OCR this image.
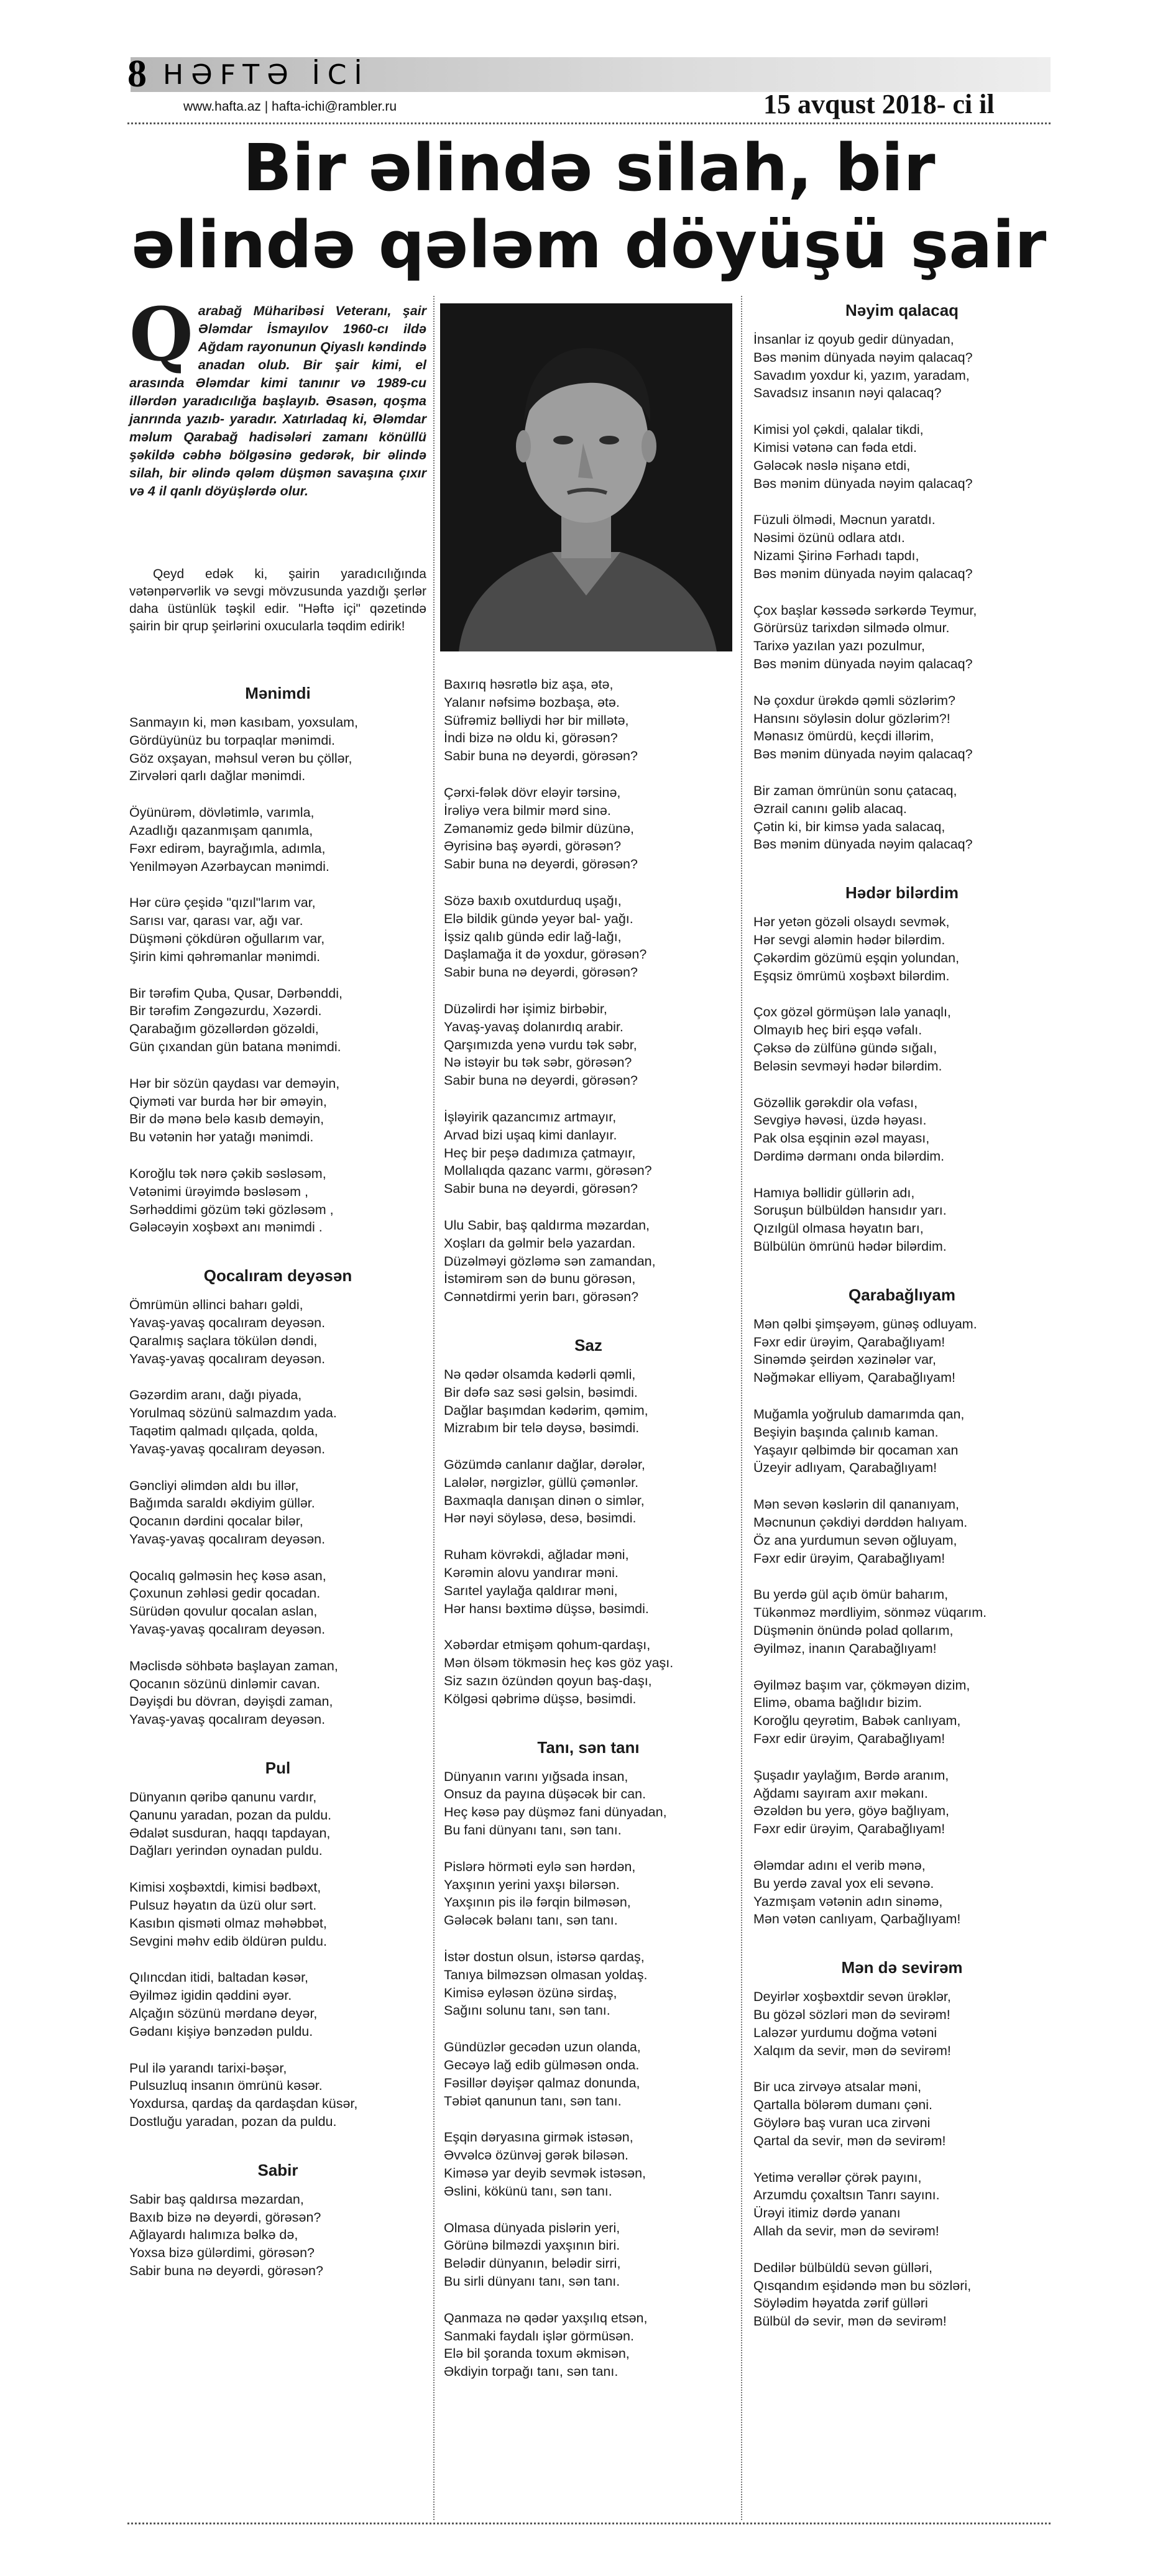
8 HƏFTƏ İCİ
www.hafta.az | hafta-ichi@rambler.ru	15 avqust 2018- ci il
Bir əlində silah, bir
əlində qələm döyüşü şair
Qarabağ Müharibəsi Veteranı, şair Ələmdar İsmayılov 1960-cı ildə Ağdam rayonunun Qiyaslı kəndində anadan olub. Bir şair kimi, el arasında Ələmdar kimi tanınır və 1989-cu illərdən yaradıcılığa başlayıb. Əsasən, qoşma janrında yazıb- yaradır. Xatırladaq ki, Ələmdar məlum Qarabağ hadisələri zamanı könüllü şəkildə cəbhə bölgəsinə gedərək, bir əlində silah, bir əlində qələm düşmən savaşına çıxır və 4 il qanlı döyüşlərdə olur.
Qeyd edək ki, şairin yaradıcılığında vətənpərvərlik və sevgi mövzusunda yazdığı şerlər daha üstünlük təşkil edir. "Həftə içi" qəzetində şairin bir qrup şeirlərini oxucularla təqdim edirik!
Mənimdi
Sanmayın ki, mən kasıbam, yoxsulam,
Gördüyünüz bu torpaqlar mənimdi.
Göz oxşayan, məhsul verən bu çöllər,
Zirvələri qarlı dağlar mənimdi.
Öyünürəm, dövlətimlə, varımla,
Azadlığı qazanmışam qanımla,
Fəxr edirəm, bayrağımla, adımla,
Yenilməyən Azərbaycan mənimdi.
Hər cürə çeşidə "qızıl"larım var,
Sarısı var, qarası var, ağı var.
Düşməni çökdürən oğullarım var,
Şirin kimi qəhrəmanlar mənimdi.
Bir tərəfim Quba, Qusar, Dərbənddi,
Bir tərəfim Zəngəzurdu, Xəzərdi.
Qarabağım gözəllərdən gözəldi,
Gün çıxandan gün batana mənimdi.
Hər bir sözün qaydası var deməyin,
Qiyməti var burda hər bir əməyin,
Bir də mənə belə kasıb deməyin,
Bu vətənin hər yatağı mənimdi.
Koroğlu tək nərə çəkib səsləsəm,
Vətənimi ürəyimdə bəsləsəm ,
Sərhəddimi gözüm təki gözləsəm ,
Gələcəyin xoşbəxt anı mənimdi .
Qocalıram deyəsən
Ömrümün əllinci baharı gəldi,
Yavaş-yavaş qocalıram deyəsən.
Qaralmış saçlara tökülən dəndi,
Yavaş-yavaş qocalıram deyəsən.
Gəzərdim aranı, dağı piyada,
Yorulmaq sözünü salmazdım yada.
Taqətim qalmadı qılçada, qolda,
Yavaş-yavaş qocalıram deyəsən.
Gəncliyi əlimdən aldı bu illər,
Bağımda saraldı əkdiyim güllər.
Qocanın dərdini qocalar bilər,
Yavaş-yavaş qocalıram deyəsən.
Qocalıq gəlməsin heç kəsə asan,
Çoxunun zəhləsi gedir qocadan.
Sürüdən qovulur qocalan aslan,
Yavaş-yavaş qocalıram deyəsən.
Məclisdə söhbətə başlayan zaman,
Qocanın sözünü dinləmir cavan.
Dəyişdi bu dövran, dəyişdi zaman,
Yavaş-yavaş qocalıram deyəsən.
Pul
Dünyanın qəribə qanunu vardır,
Qanunu yaradan, pozan da puldu.
Ədalət susduran, haqqı tapdayan,
Dağları yerindən oynadan puldu.
Kimisi xoşbəxtdi, kimisi bədbəxt,
Pulsuz həyatın da üzü olur sərt.
Kasıbın qisməti olmaz məhəbbət,
Sevgini məhv edib öldürən puldu.
Qılıncdan itidi, baltadan kəsər,
Əyilməz igidin qəddini əyər.
Alçağın sözünü mərdanə deyər,
Gədanı kişiyə bənzədən puldu.
Pul ilə yarandı tarixi-bəşər,
Pulsuzluq insanın ömrünü kəsər.
Yoxdursa, qardaş da qardaşdan küsər,
Dostluğu yaradan, pozan da puldu.
Sabir
Sabir baş qaldırsa məzardan,
Baxıb bizə nə deyərdi, görəsən?
Ağlayardı halımıza bəlkə də,
Yoxsa bizə gülərdimi, görəsən?
Sabir buna nə deyərdi, görəsən?
Baxırıq həsrətlə biz aşa, ətə,
Yalanır nəfsimə bozbaşa, ətə.
Süfrəmiz bəlliydi hər bir millətə,
İndi bizə nə oldu ki, görəsən?
Sabir buna nə deyərdi, görəsən?
Çərxi-fələk dövr eləyir tərsinə,
İrəliyə vera bilmir mərd sinə.
Zəmanəmiz gedə bilmir düzünə,
Əyrisinə baş əyərdi, görəsən?
Sabir buna nə deyərdi, görəsən?
Sözə baxıb oxutdurduq uşağı,
Elə bildik gündə yeyər bal- yağı.
İşsiz qalıb gündə edir lağ-lağı,
Daşlamağa it də yoxdur, görəsən?
Sabir buna nə deyərdi, görəsən?
Düzəlirdi hər işimiz birbəbir,
Yavaş-yavaş dolanırdıq arabir.
Qarşımızda yenə vurdu tək səbr,
Nə istəyir bu tək səbr, görəsən?
Sabir buna nə deyərdi, görəsən?
İşləyirik qazancımız artmayır,
Arvad bizi uşaq kimi danlayır.
Heç bir peşə dadımıza çatmayır,
Mollalıqda qazanc varmı, görəsən?
Sabir buna nə deyərdi, görəsən?
Ulu Sabir, baş qaldırma məzardan,
Xoşları da gəlmir belə yazardan.
Düzəlməyi gözləmə sən zamandan,
İstəmirəm sən də bunu görəsən,
Cənnətdirmi yerin barı, görəsən?
Saz
Nə qədər olsamda kədərli qəmli,
Bir dəfə saz səsi gəlsin, bəsimdi.
Dağlar başımdan kədərim, qəmim,
Mizrabım bir telə dəysə, bəsimdi.
Gözümdə canlanır dağlar, dərələr,
Lalələr, nərgizlər, güllü çəmənlər.
Baxmaqla danışan dinən o simlər,
Hər nəyi söyləsə, desə, bəsimdi.
Ruham kövrəkdi, ağladar məni,
Kərəmin alovu yandırar məni.
Sarıtel yaylağa qaldırar məni,
Hər hansı bəxtimə düşsə, bəsimdi.
Xəbərdar etmişəm qohum-qardaşı,
Mən ölsəm tökməsin heç kəs göz yaşı.
Siz sazın özündən qoyun baş-daşı,
Kölgəsi qəbrimə düşsə, bəsimdi.
Tanı, sən tanı
Dünyanın varını yığsada insan,
Onsuz da payına düşəcək bir can.
Heç kəsə pay düşməz fani dünyadan,
Bu fani dünyanı tanı, sən tanı.
Pislərə hörməti eylə sən hərdən,
Yaxşının yerini yaxşı bilərsən.
Yaxşının pis ilə fərqin bilməsən,
Gələcək bəlanı tanı, sən tanı.
İstər dostun olsun, istərsə qardaş,
Tanıya bilməzsən olmasan yoldaş.
Kimisə eyləsən özünə sirdaş,
Sağını solunu tanı, sən tanı.
Gündüzlər gecədən uzun olanda,
Gecəyə lağ edib gülməsən onda.
Fəsillər dəyişər qalmaz donunda,
Təbiət qanunun tanı, sən tanı.
Eşqin dəryasına girmək istəsən,
Əvvəlcə özünvəj gərək biləsən.
Kiməsə yar deyib sevmək istəsən,
Əslini, kökünü tanı, sən tanı.
Olmasa dünyada pislərin yeri,
Görünə bilməzdi yaxşının biri.
Belədir dünyanın, belədir sirri,
Bu sirli dünyanı tanı, sən tanı.
Qanmaza nə qədər yaxşılıq etsən,
Sanmaki faydalı işlər görmüsən.
Elə bil şoranda toxum əkmisən,
Əkdiyin torpağı tanı, sən tanı.
Nəyim qalacaq
İnsanlar iz qoyub gedir dünyadan,
Bəs mənim dünyada nəyim qalacaq?
Savadım yoxdur ki, yazım, yaradam,
Savadsız insanın nəyi qalacaq?
Kimisi yol çəkdi, qalalar tikdi,
Kimisi vətənə can fəda etdi.
Gələcək nəslə nişanə etdi,
Bəs mənim dünyada nəyim qalacaq?
Füzuli ölmədi, Məcnun yaratdı.
Nəsimi özünü odlara atdı.
Nizami Şirinə Fərhadı tapdı,
Bəs mənim dünyada nəyim qalacaq?
Çox başlar kəssədə sərkərdə Teymur,
Görürsüz tarixdən silmədə olmur.
Tarixə yazılan yazı pozulmur,
Bəs mənim dünyada nəyim qalacaq?
Nə çoxdur ürəkdə qəmli sözlərim?
Hansını söyləsin dolur gözlərim?!
Mənasız ömürdü, keçdi illərim,
Bəs mənim dünyada nəyim qalacaq?
Bir zaman ömrünün sonu çatacaq,
Əzrail canını gəlib alacaq.
Çətin ki, bir kimsə yada salacaq,
Bəs mənim dünyada nəyim qalacaq?
Hədər bilərdim
Hər yetən gözəli olsaydı sevmək,
Hər sevgi aləmin hədər bilərdim.
Çəkərdim gözümü eşqin yolundan,
Eşqsiz ömrümü xoşbəxt bilərdim.
Çox gözəl görmüşən lalə yanaqlı,
Olmayıb heç biri eşqə vəfalı.
Çəksə də zülfünə gündə sığalı,
Beləsin sevməyi hədər bilərdim.
Gözəllik gərəkdir ola vəfası,
Sevgiyə həvəsi, üzdə həyası.
Pak olsa eşqinin əzəl mayası,
Dərdimə dərmanı onda bilərdim.
Hamıya bəllidir güllərin adı,
Soruşun bülbüldən hansıdır yarı.
Qızılgül olmasa həyatın barı,
Bülbülün ömrünü hədər bilərdim.
Qarabağlıyam
Mən qəlbi şimşəyəm, günəş odluyam.
Fəxr edir ürəyim, Qarabağlıyam!
Sinəmdə şeirdən xəzinələr var,
Nəğməkar elliyəm, Qarabağlıyam!
Muğamla yoğrulub damarımda qan,
Beşiyin başında çalınıb kaman.
Yaşayır qəlbimdə bir qocaman xan
Üzeyir adlıyam, Qarabağlıyam!
Mən sevən kəslərin dil qananıyam,
Məcnunun çəkdiyi dərddən halıyam.
Öz ana yurdumun sevən oğluyam,
Fəxr edir ürəyim, Qarabağlıyam!
Bu yerdə gül açıb ömür baharım,
Tükənməz mərdliyim, sönməz vüqarım.
Düşmənin önündə polad qollarım,
Əyilməz, inanın Qarabağlıyam!
Əyilməz başım var, çökməyən dizim,
Elimə, obama bağlıdır bizim.
Koroğlu qeyrətim, Babək canlıyam,
Fəxr edir ürəyim, Qarabağlıyam!
Şuşadır yaylağım, Bərdə aranım,
Ağdamı sayıram axır məkanı.
Əzəldən bu yerə, göyə bağlıyam,
Fəxr edir ürəyim, Qarabağlıyam!
Ələmdar adını el verib mənə,
Bu yerdə zaval yox eli sevənə.
Yazmışam vətənin adın sinəmə,
Mən vətən canlıyam, Qarbağlıyam!
Mən də sevirəm
Deyirlər xoşbəxtdir sevən ürəklər,
Bu gözəl sözləri mən də sevirəm!
Laləzər yurdumu doğma vətəni
Xalqım da sevir, mən də sevirəm!
Bir uca zirvəyə atsalar məni,
Qartalla bölərəm dumanı çəni.
Göylərə baş vuran uca zirvəni
Qartal da sevir, mən də sevirəm!
Yetimə verəllər çörək payını,
Arzumdu çoxaltsın Tanrı sayını.
Ürəyi itimiz dərdə yananı
Allah da sevir, mən də sevirəm!
Dedilər bülbüldü sevən gülləri,
Qısqandım eşidəndə mən bu sözləri,
Söylədim həyatda zərif gülləri
Bülbül də sevir, mən də sevirəm!
